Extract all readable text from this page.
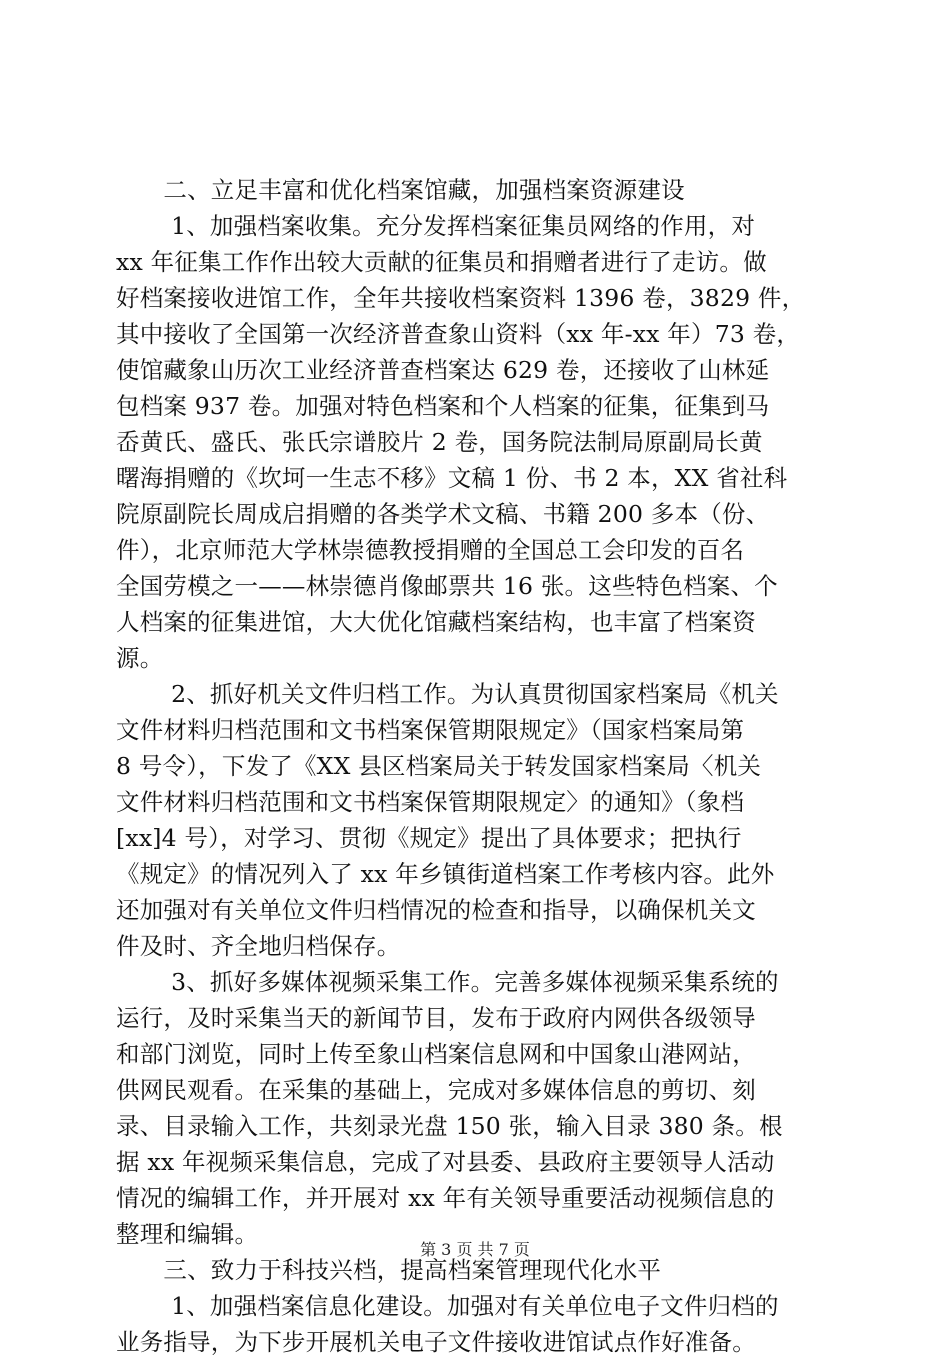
　　二、立足丰富和优化档案馆藏，加强档案资源建设
　　 1、加强档案收集。充分发挥档案征集员网络的作用，对
xx 年征集工作作出较大贡献的征集员和捐赠者进行了走访。做
好档案接收进馆工作，全年共接收档案资料 1396 卷，3829 件，
其中接收了全国第一次经济普查象山资料（xx 年-xx 年）73 卷，
使馆藏象山历次工业经济普查档案达 629 卷，还接收了山林延
包档案 937 卷。加强对特色档案和个人档案的征集，征集到马
岙黄氏、盛氏、张氏宗谱胶片 2 卷，国务院法制局原副局长黄
曙海捐赠的《坎坷一生志不移》文稿 1 份、书 2 本，XX 省社科
院原副院长周成启捐赠的各类学术文稿、书籍 200 多本（份、
件），北京师范大学林崇德教授捐赠的全国总工会印发的百名
全国劳模之一——林崇德肖像邮票共 16 张。这些特色档案、个
人档案的征集进馆，大大优化馆藏档案结构，也丰富了档案资
源。
　　 2、抓好机关文件归档工作。为认真贯彻国家档案局《机关
文件材料归档范围和文书档案保管期限规定》（国家档案局第
8 号令），下发了《XX 县区档案局关于转发国家档案局〈机关
文件材料归档范围和文书档案保管期限规定〉的通知》（象档
[xx]4 号），对学习、贯彻《规定》提出了具体要求；把执行
《规定》的情况列入了 xx 年乡镇街道档案工作考核内容。此外
还加强对有关单位文件归档情况的检查和指导，以确保机关文
件及时、齐全地归档保存。
　　 3、抓好多媒体视频采集工作。完善多媒体视频采集系统的
运行，及时采集当天的新闻节目，发布于政府内网供各级领导
和部门浏览，同时上传至象山档案信息网和中国象山港网站，
供网民观看。在采集的基础上，完成对多媒体信息的剪切、刻
录、目录输入工作，共刻录光盘 150 张，输入目录 380 条。根
据 xx 年视频采集信息，完成了对县委、县政府主要领导人活动
情况的编辑工作，并开展对 xx 年有关领导重要活动视频信息的
整理和编辑。
　　三、致力于科技兴档，提高档案管理现代化水平
　　 1、加强档案信息化建设。加强对有关单位电子文件归档的
业务指导，为下步开展机关电子文件接收进馆试点作好准备。
第 3 页 共 7 页
